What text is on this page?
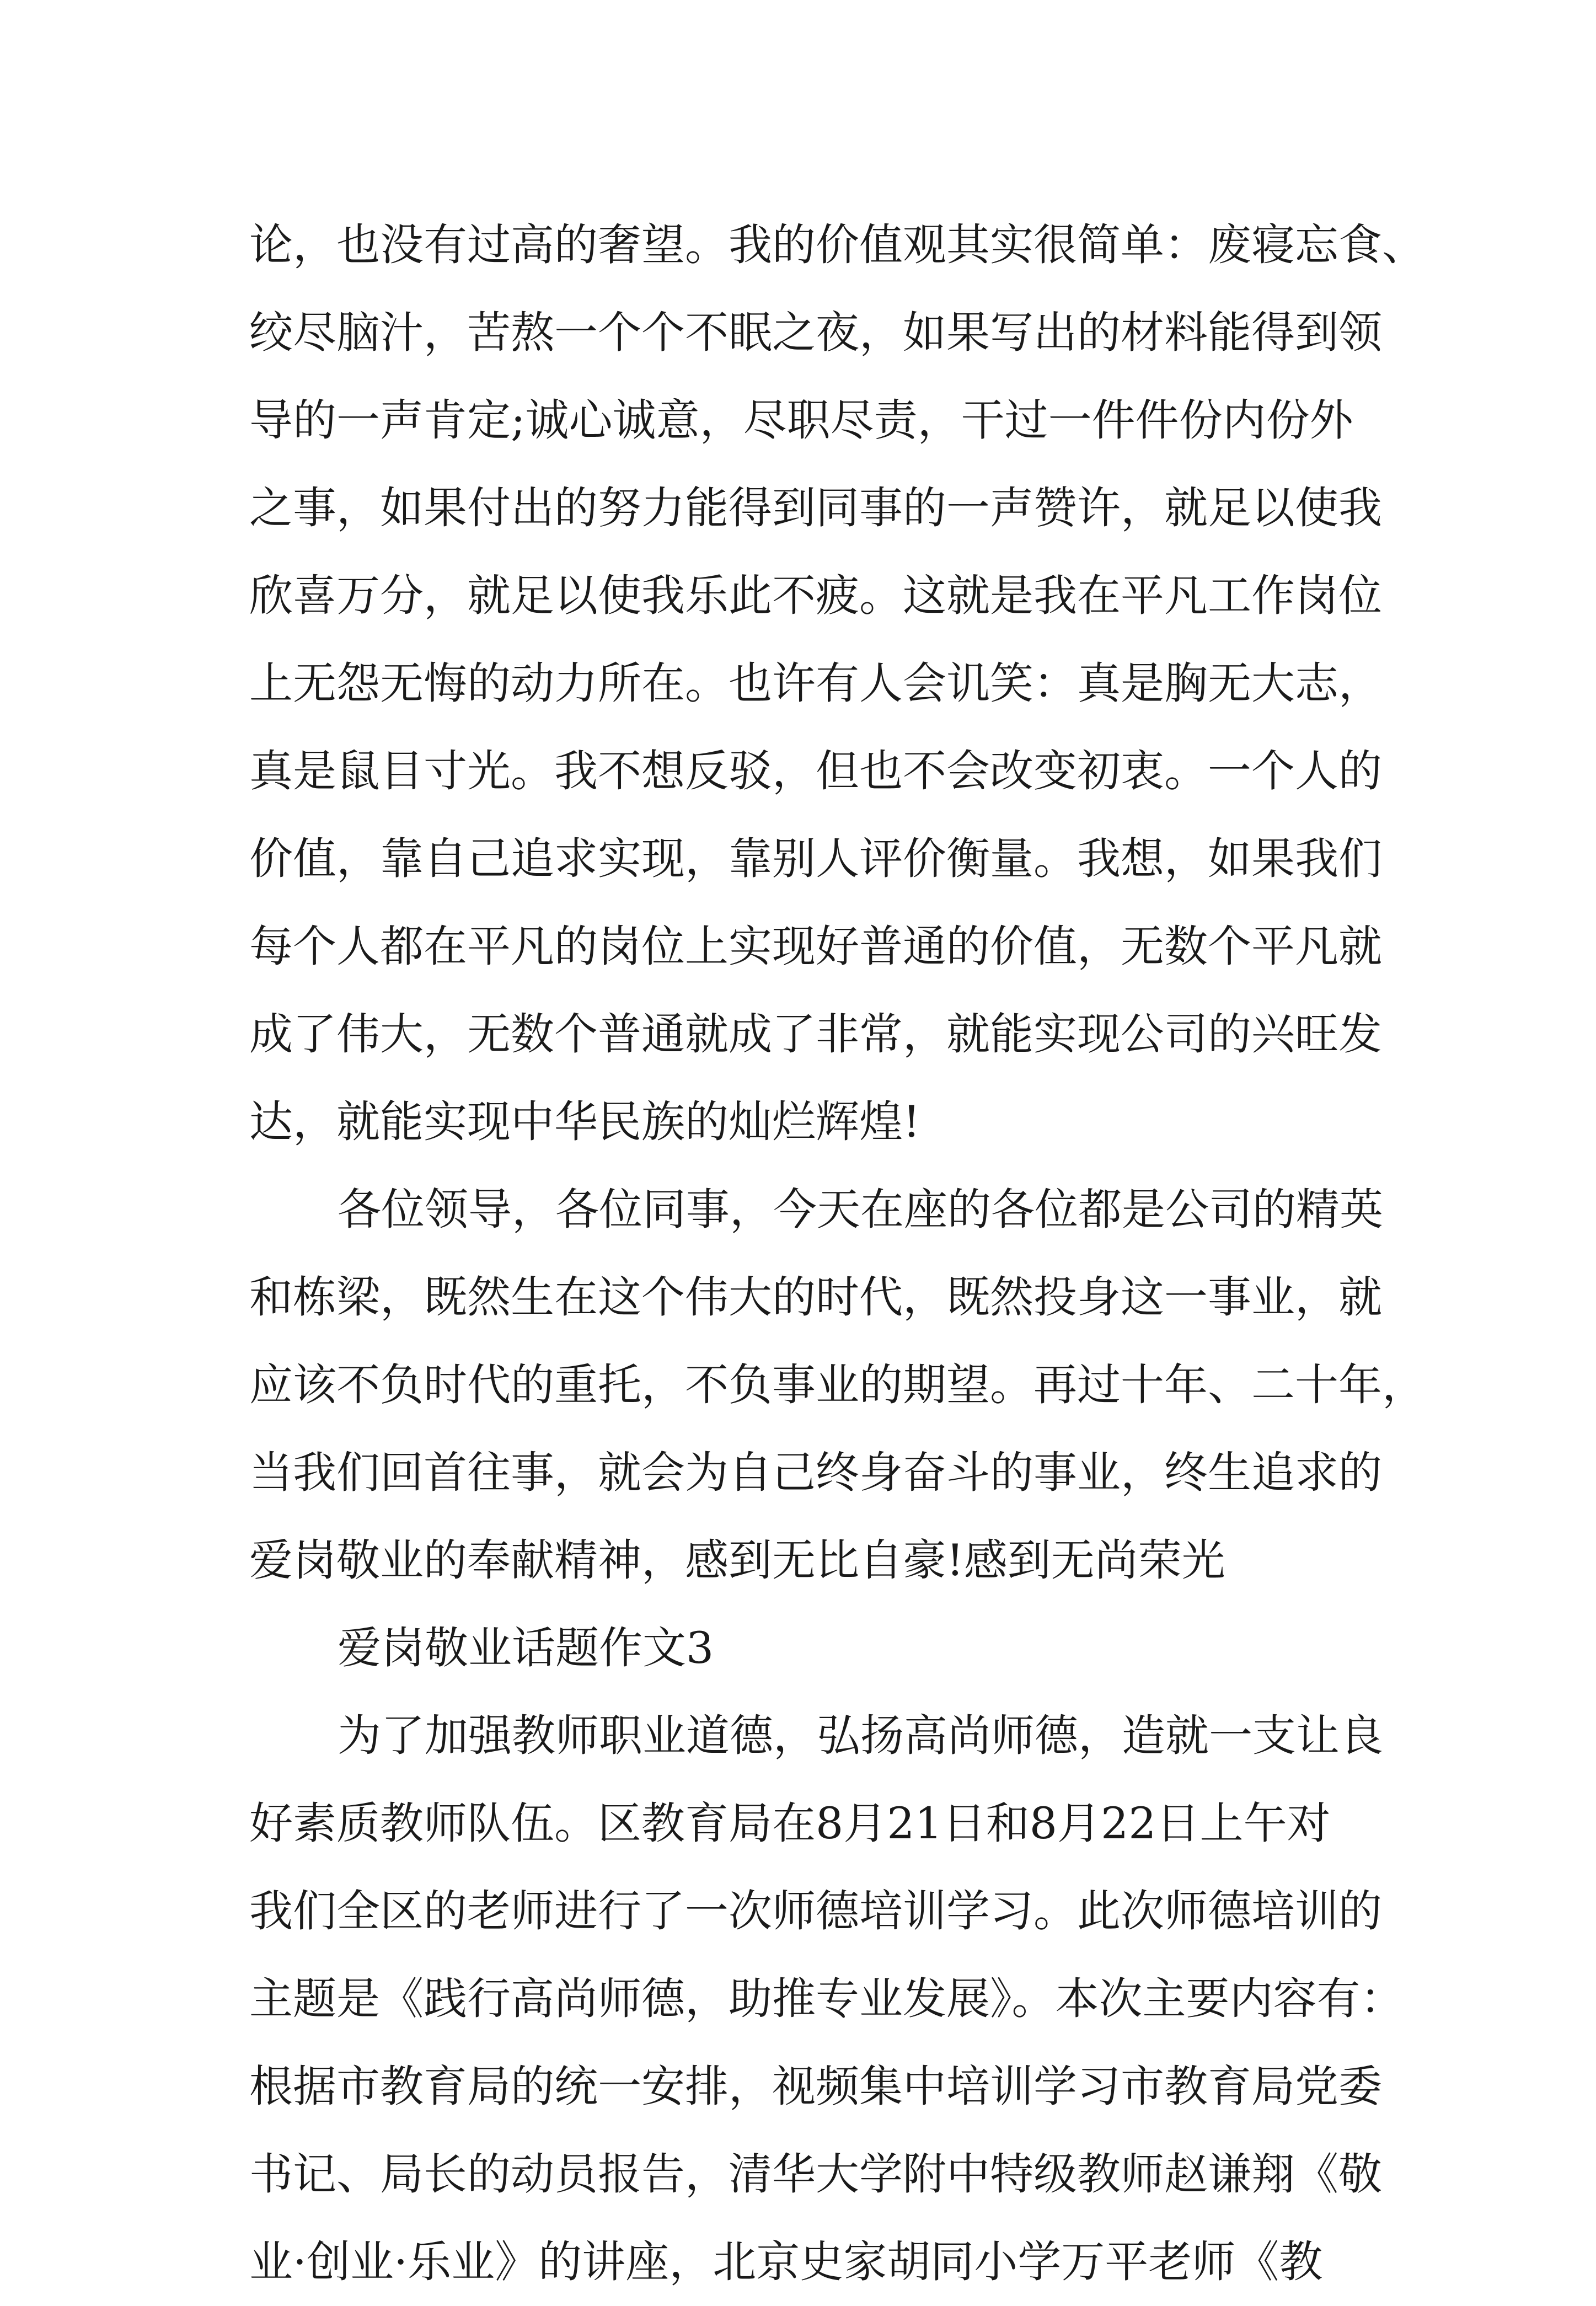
论，也没有过高的奢望。我的价值观其实很简单：废寝忘食、
绞尽脑汁，苦熬一个个不眠之夜，如果写出的材料能得到领
导的一声肯定;诚心诚意，尽职尽责，干过一件件份内份外
之事，如果付出的努力能得到同事的一声赞许，就足以使我
欣喜万分，就足以使我乐此不疲。这就是我在平凡工作岗位
上无怨无悔的动力所在。也许有人会讥笑：真是胸无大志，
真是鼠目寸光。我不想反驳，但也不会改变初衷。一个人的
价值，靠自己追求实现，靠别人评价衡量。我想，如果我们
每个人都在平凡的岗位上实现好普通的价值，无数个平凡就
成了伟大，无数个普通就成了非常，就能实现公司的兴旺发
达，就能实现中华民族的灿烂辉煌!
各位领导，各位同事，今天在座的各位都是公司的精英
和栋梁，既然生在这个伟大的时代，既然投身这一事业，就
应该不负时代的重托，不负事业的期望。再过十年、二十年，
当我们回首往事，就会为自己终身奋斗的事业，终生追求的
爱岗敬业的奉献精神，感到无比自豪!感到无尚荣光
爱岗敬业话题作文3
为了加强教师职业道德，弘扬高尚师德，造就一支让良
好素质教师队伍。区教育局在8月21日和8月22日上午对
我们全区的老师进行了一次师德培训学习。此次师德培训的
主题是《践行高尚师德，助推专业发展》。本次主要内容有：
根据市教育局的统一安排，视频集中培训学习市教育局党委
书记、局长的动员报告，清华大学附中特级教师赵谦翔《敬
业·创业·乐业》的讲座，北京史家胡同小学万平老师《教
